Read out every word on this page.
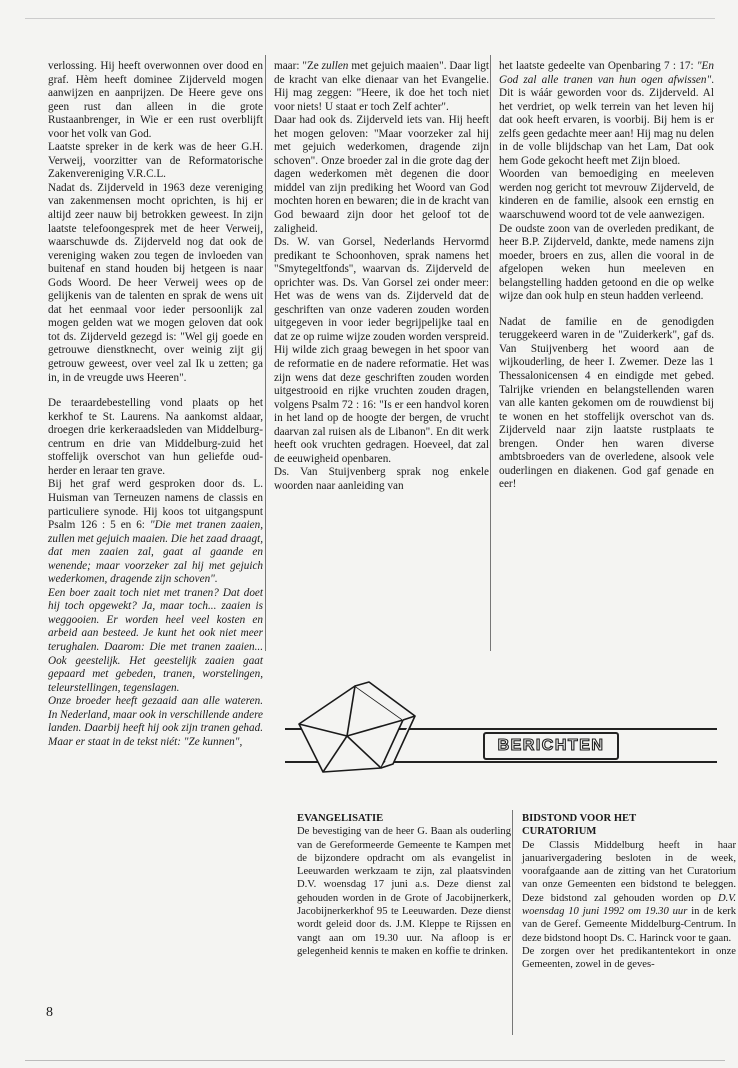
verlossing. Hij heeft overwonnen over dood en graf. Hèm heeft dominee Zijderveld mogen aanwijzen en aanprijzen. De Heere geve ons geen rust dan alleen in die grote Rustaanbrenger, in Wie er een rust overblijft voor het volk van God.

Laatste spreker in de kerk was de heer G.H. Verweij, voorzitter van de Reformatorische Zakenvereniging V.R.C.L.

Nadat ds. Zijderveld in 1963 deze vereniging van zakenmensen mocht oprichten, is hij er altijd zeer nauw bij betrokken geweest. In zijn laatste telefoongesprek met de heer Verweij, waarschuwde ds. Zijderveld nog dat ook de vereniging waken zou tegen de invloeden van buitenaf en stand houden bij hetgeen is naar Gods Woord. De heer Verweij wees op de gelijkenis van de talenten en sprak de wens uit dat het eenmaal voor ieder persoonlijk zal mogen gelden wat we mogen geloven dat ook tot ds. Zijderveld gezegd is: "Wel gij goede en getrouwe dienstknecht, over weinig zijt gij getrouw geweest, over veel zal Ik u zetten; ga in, in de vreugde uws Heeren".

De teraardebestelling vond plaats op het kerkhof te St. Laurens. Na aankomst aldaar, droegen drie kerkeraadsleden van Middelburg-centrum en drie van Middelburg-zuid het stoffelijk overschot van hun geliefde oud-herder en leraar ten grave.

Bij het graf werd gesproken door ds. L. Huisman van Terneuzen namens de classis en particuliere synode. Hij koos tot uitgangspunt Psalm 126 : 5 en 6: "Die met tranen zaaien, zullen met gejuich maaien. Die het zaad draagt, dat men zaaien zal, gaat al gaande en wenende; maar voorzeker zal hij met gejuich wederkomen, dragende zijn schoven".

Een boer zaait toch niet met tranen? Dat doet hij toch opgewekt? Ja, maar toch... zaaien is weggooien. Er worden heel veel kosten en arbeid aan besteed. Je kunt het ook niet meer terughalen. Daarom: Die met tranen zaaien... Ook geestelijk. Het geestelijk zaaien gaat gepaard met gebeden, tranen, worstelingen, teleurstellingen, tegenslagen.

Onze broeder heeft gezaaid aan alle wateren. In Nederland, maar ook in verschillende andere landen. Daarbij heeft hij ook zijn tranen gehad. Maar er staat in de tekst niét: "Ze kunnen",

maar: "Ze zullen met gejuich maaien". Daar ligt de kracht van elke dienaar van het Evangelie. Hij mag zeggen: "Heere, ik doe het toch niet voor niets! U staat er toch Zelf achter".

Daar had ook ds. Zijderveld iets van. Hij heeft het mogen geloven: "Maar voorzeker zal hij met gejuich wederkomen, dragende zijn schoven". Onze broeder zal in die grote dag der dagen wederkomen mèt degenen die door middel van zijn prediking het Woord van God mochten horen en bewaren; die in de kracht van God bewaard zijn door het geloof tot de zaligheid.

Ds. W. van Gorsel, Nederlands Hervormd predikant te Schoonhoven, sprak namens het "Smytegeltfonds", waarvan ds. Zijderveld de oprichter was. Ds. Van Gorsel zei onder meer: Het was de wens van ds. Zijderveld dat de geschriften van onze vaderen zouden worden uitgegeven in voor ieder begrijpelijke taal en dat ze op ruime wijze zouden worden verspreid. Hij wilde zich graag bewegen in het spoor van de reformatie en de nadere reformatie. Het was zijn wens dat deze geschriften zouden worden uitgestrooid en rijke vruchten zouden dragen, volgens Psalm 72 : 16: "Is er een handvol koren in het land op de hoogte der bergen, de vrucht daarvan zal ruisen als de Libanon". En dit werk heeft ook vruchten gedragen. Hoeveel, dat zal de eeuwigheid openbaren.

Ds. Van Stuijvenberg sprak nog enkele woorden naar aanleiding van

het laatste gedeelte van Openbaring 7 : 17: "En God zal alle tranen van hun ogen afwissen". Dit is wáár geworden voor ds. Zijderveld. Al het verdriet, op welk terrein van het leven hij dat ook heeft ervaren, is voorbij. Bij hem is er zelfs geen gedachte meer aan! Hij mag nu delen in de volle blijdschap van het Lam, Dat ook hem Gode gekocht heeft met Zijn bloed.

Woorden van bemoediging en meeleven werden nog gericht tot mevrouw Zijderveld, de kinderen en de familie, alsook een ernstig en waarschuwend woord tot de vele aanwezigen.

De oudste zoon van de overleden predikant, de heer B.P. Zijderveld, dankte, mede namens zijn moeder, broers en zus, allen die vooral in de afgelopen weken hun meeleven en belangstelling hadden getoond en die op welke wijze dan ook hulp en steun hadden verleend.

Nadat de familie en de genodigden teruggekeerd waren in de "Zuiderkerk", gaf ds. Van Stuijvenberg het woord aan de wijkouderling, de heer I. Zwemer. Deze las 1 Thessalonicensen 4 en eindigde met gebed. Talrijke vrienden en belangstellenden waren van alle kanten gekomen om de rouwdienst bij te wonen en het stoffelijk overschot van ds. Zijderveld naar zijn laatste rustplaats te brengen. Onder hen waren diverse ambtsbroeders van de overledene, alsook vele ouderlingen en diakenen. God gaf genade en eer!

BERICHTEN
EVANGELISATIE

De bevestiging van de heer G. Baan als ouderling van de Gereformeerde Gemeente te Kampen met de bijzondere opdracht om als evangelist in Leeuwarden werkzaam te zijn, zal plaatsvinden D.V. woensdag 17 juni a.s. Deze dienst zal gehouden worden in de Grote of Jacobijnerkerk, Jacobijnerkerkhof 95 te Leeuwarden. Deze dienst wordt geleid door ds. J.M. Kleppe te Rijssen en vangt aan om 19.30 uur. Na afloop is er gelegenheid kennis te maken en koffie te drinken.

BIDSTOND VOOR HET
CURATORIUM

De Classis Middelburg heeft in haar januarivergadering besloten in de week, voorafgaande aan de zitting van het Curatorium van onze Gemeenten een bidstond te beleggen. Deze bidstond zal gehouden worden op D.V. woensdag 10 juni 1992 om 19.30 uur in de kerk van de Geref. Gemeente Middelburg-Centrum. In deze bidstond hoopt Ds. C. Harinck voor te gaan.

De zorgen over het predikantentekort in onze Gemeenten, zowel in de geves-

8
